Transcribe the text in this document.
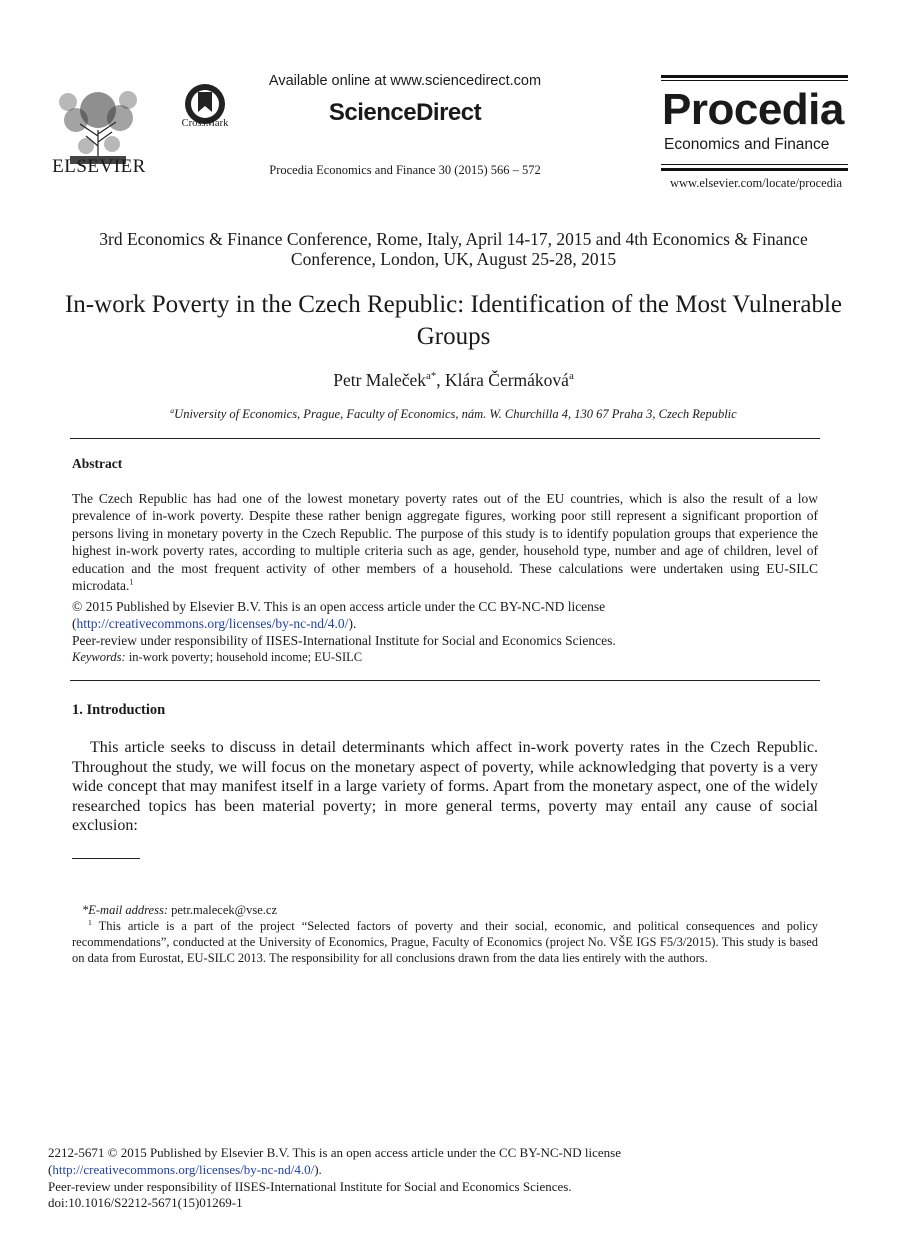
ELSEVIER
CrossMark
Available online at www.sciencedirect.com
ScienceDirect
Procedia Economics and Finance 30 (2015) 566 – 572
Procedia
Economics and Finance
www.elsevier.com/locate/procedia
3rd Economics & Finance Conference, Rome, Italy, April 14-17, 2015 and 4th Economics & Finance Conference, London, UK, August 25-28, 2015
In-work Poverty in the Czech Republic: Identification of the Most Vulnerable Groups
Petr Maleček$^{a*}$, Klára Čermáková$^a$
$^a$University of Economics, Prague, Faculty of Economics, nám. W. Churchilla 4, 130 67 Praha 3, Czech Republic
Abstract
The Czech Republic has had one of the lowest monetary poverty rates out of the EU countries, which is also the result of a low prevalence of in-work poverty. Despite these rather benign aggregate figures, working poor still represent a significant proportion of persons living in monetary poverty in the Czech Republic. The purpose of this study is to identify population groups that experience the highest in-work poverty rates, according to multiple criteria such as age, gender, household type, number and age of children, level of education and the most frequent activity of other members of a household. These calculations were undertaken using EU-SILC microdata.$^1$
© 2015 Published by Elsevier B.V. This is an open access article under the CC BY-NC-ND license
(http://creativecommons.org/licenses/by-nc-nd/4.0/).
Peer-review under responsibility of IISES-International Institute for Social and Economics Sciences.
Keywords: in-work poverty; household income; EU-SILC
1. Introduction
This article seeks to discuss in detail determinants which affect in-work poverty rates in the Czech Republic. Throughout the study, we will focus on the monetary aspect of poverty, while acknowledging that poverty is a very wide concept that may manifest itself in a large variety of forms. Apart from the monetary aspect, one of the widely researched topics has been material poverty; in more general terms, poverty may entail any cause of social exclusion:
*E-mail address: petr.malecek@vse.cz
$^1$ This article is a part of the project “Selected factors of poverty and their social, economic, and political consequences and policy recommendations”, conducted at the University of Economics, Prague, Faculty of Economics (project No. VŠE IGS F5/3/2015). This study is based on data from Eurostat, EU-SILC 2013. The responsibility for all conclusions drawn from the data lies entirely with the authors.
2212-5671 © 2015 Published by Elsevier B.V. This is an open access article under the CC BY-NC-ND license
(http://creativecommons.org/licenses/by-nc-nd/4.0/).
Peer-review under responsibility of IISES-International Institute for Social and Economics Sciences.
doi:10.1016/S2212-5671(15)01269-1
